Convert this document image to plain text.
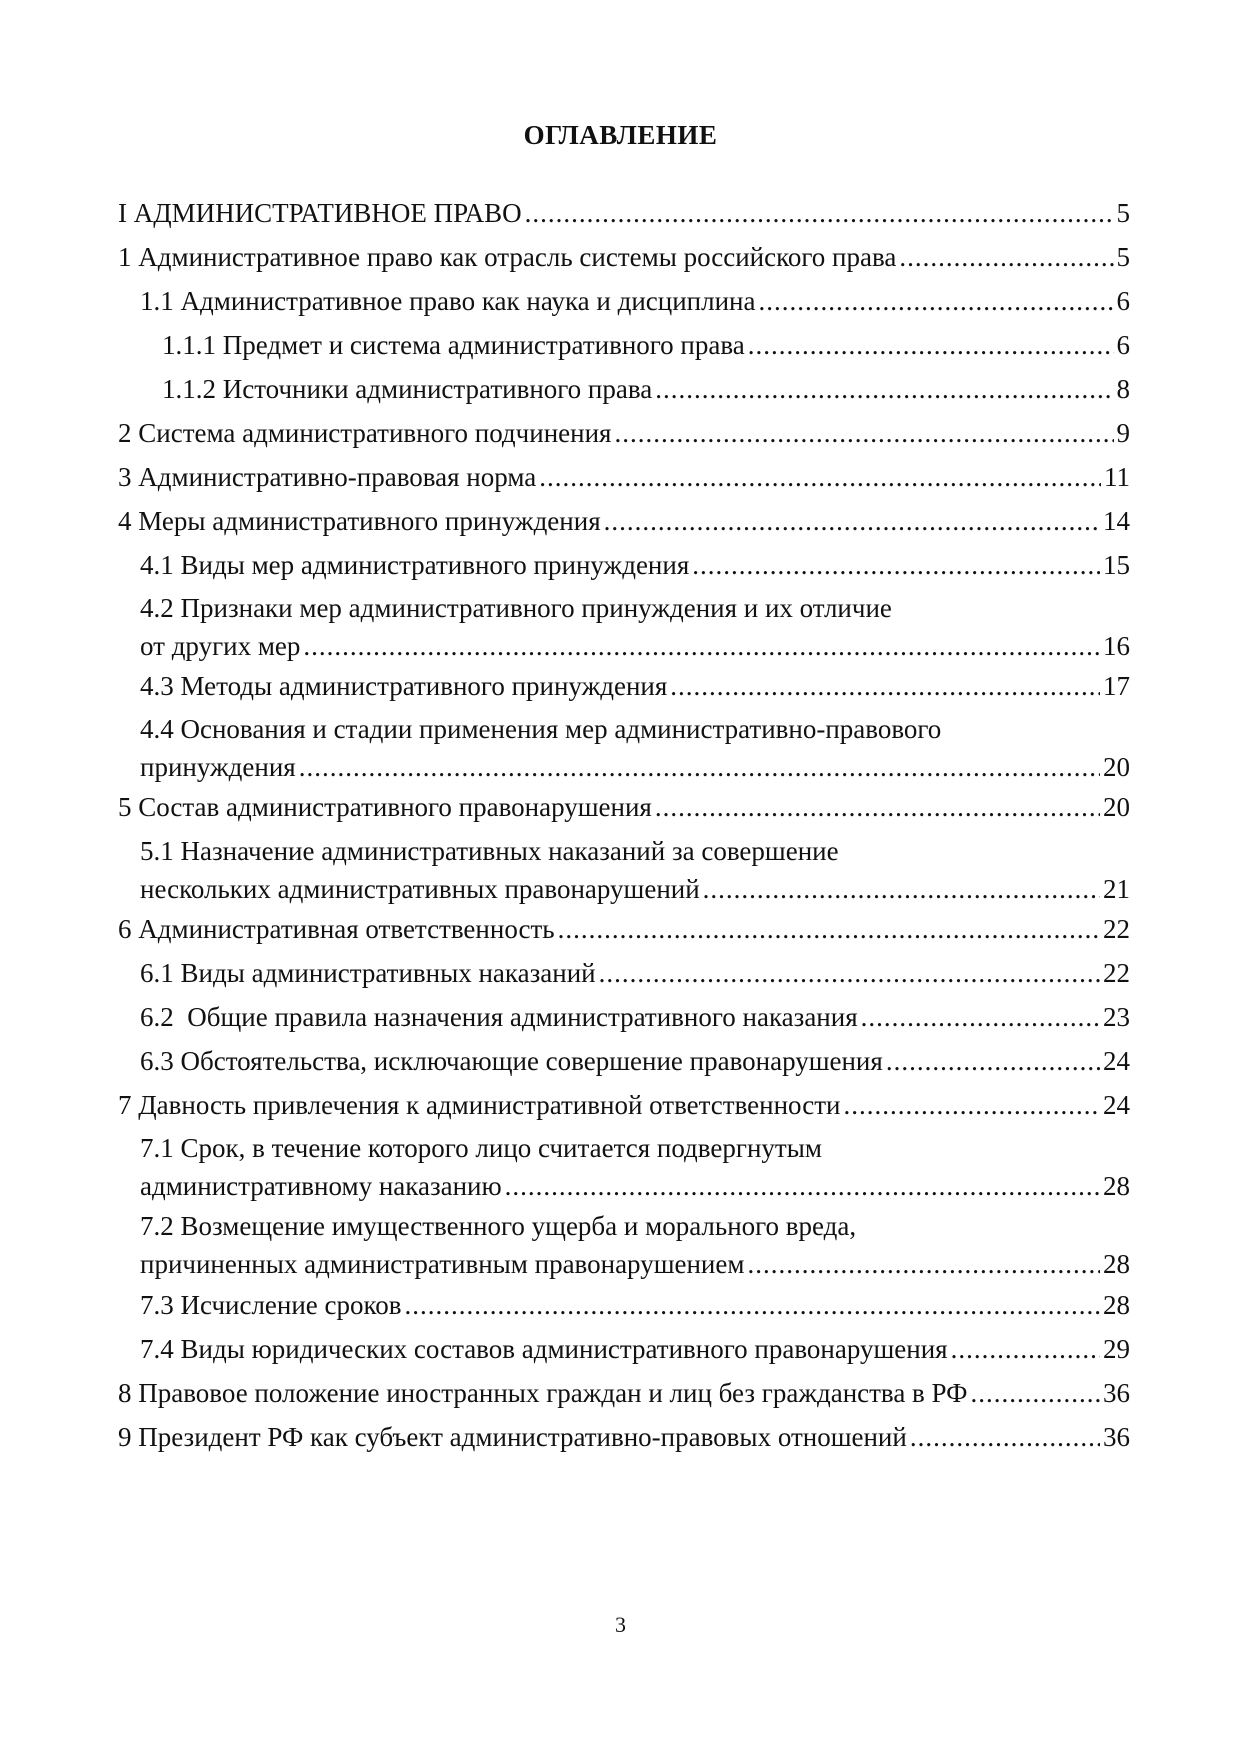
ОГЛАВЛЕНИЕ
I АДМИНИСТРАТИВНОЕ ПРАВО .....	5
1 Административное право как отрасль системы российского права .....	5
1.1 Административное право как наука и дисциплина .....	6
1.1.1 Предмет и система административного права .....	6
1.1.2 Источники административного права .....	8
2 Система административного подчинения .....	9
3 Административно-правовая норма .....	11
4 Меры административного принуждения .....	14
4.1 Виды мер административного принуждения .....	15
4.2 Признаки мер административного принуждения и их отличие
от других мер .....	16
4.3 Методы административного принуждения .....	17
4.4 Основания и стадии применения мер административно-правового
принуждения .....	20
5 Состав административного правонарушения .....	20
5.1 Назначение административных наказаний за совершение
нескольких административных правонарушений .....	21
6 Административная ответственность .....	22
6.1 Виды административных наказаний .....	22
6.2  Общие правила назначения административного наказания .....	23
6.3 Обстоятельства, исключающие совершение правонарушения .....	24
7 Давность привлечения к административной ответственности .....	24
7.1 Срок, в течение которого лицо считается подвергнутым
административному наказанию .....	28
7.2 Возмещение имущественного ущерба и морального вреда,
причиненных административным правонарушением .....	28
7.3 Исчисление сроков .....	28
7.4 Виды юридических составов административного правонарушения .....	29
8 Правовое положение иностранных граждан и лиц без гражданства в РФ .....	36
9 Президент РФ как субъект административно-правовых отношений .....	36
3
